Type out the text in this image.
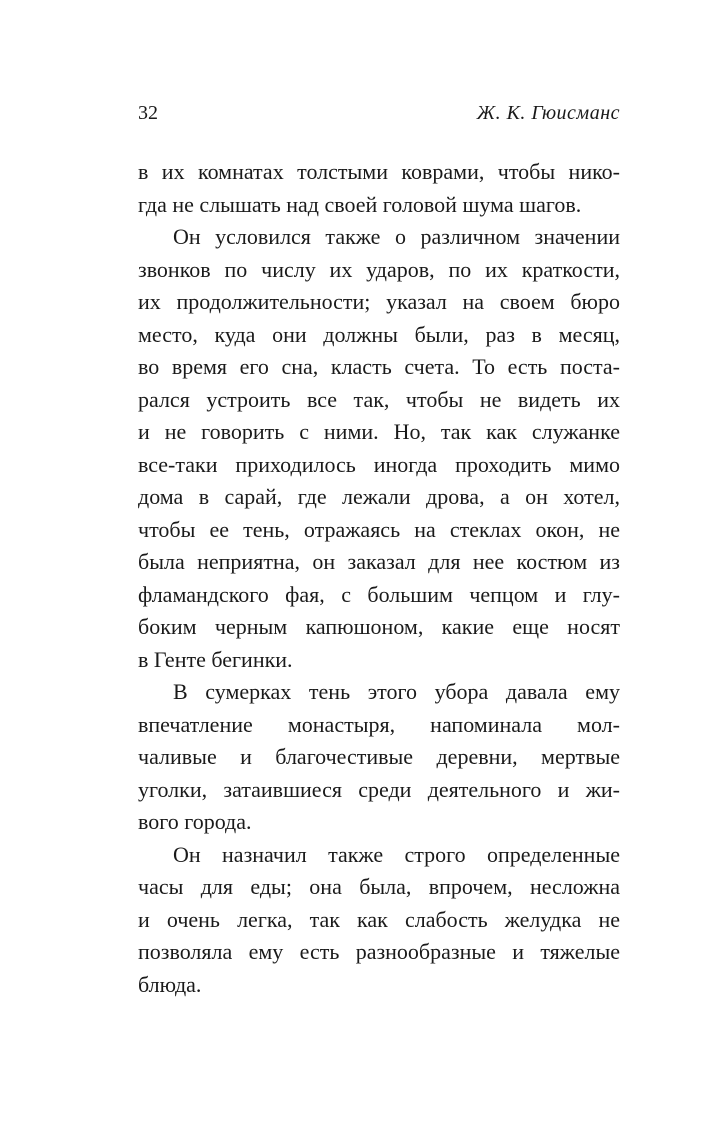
32	Ж. К. Гюисманс
в их комнатах толстыми коврами, чтобы нико-
гда не слышать над своей головой шума шагов.
Он условился также о различном значении
звонков по числу их ударов, по их краткости,
их продолжительности; указал на своем бюро
место, куда они должны были, раз в месяц,
во время его сна, класть счета. То есть поста-
рался устроить все так, чтобы не видеть их
и не говорить с ними. Но, так как служанке
все-таки приходилось иногда проходить мимо
дома в сарай, где лежали дрова, а он хотел,
чтобы ее тень, отражаясь на стеклах окон, не
была неприятна, он заказал для нее костюм из
фламандского фая, с большим чепцом и глу-
боким черным капюшоном, какие еще носят
в Генте бегинки.
В сумерках тень этого убора давала ему
впечатление монастыря, напоминала мол-
чаливые и благочестивые деревни, мертвые
уголки, затаившиеся среди деятельного и жи-
вого города.
Он назначил также строго определенные
часы для еды; она была, впрочем, несложна
и очень легка, так как слабость желудка не
позволяла ему есть разнообразные и тяжелые
блюда.
